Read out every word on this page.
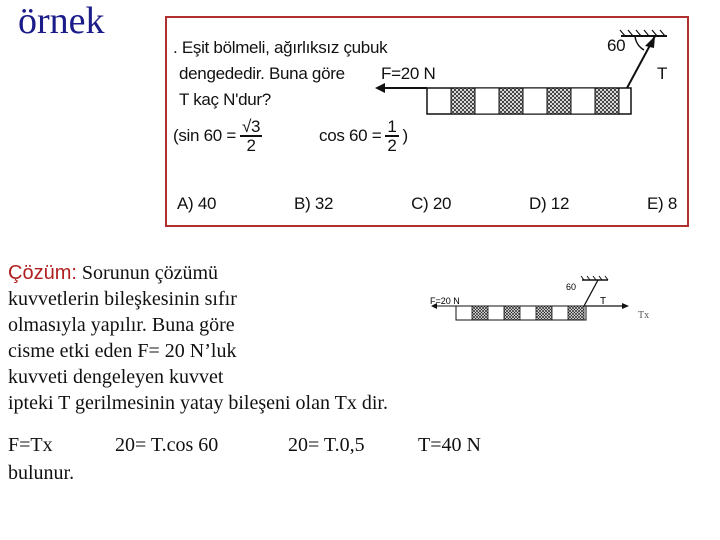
örnek
. Eşit bölmeli, ağırlıksız çubuk
dengededir. Buna göre
T kaç N'dur?
(sin $60 = \frac{√3}{2}$	$\cos 60 = \frac{1}{2}$ )
60
F=20 N	T
A) 40	B) 32	C) 20	D) 12	E) 8
60
F=20 N	T
Tx
Çözüm: Sorunun çözümü
kuvvetlerin bileşkesinin sıfır
olmasıyla yapılır. Buna göre
cisme etki eden F= 20 N’luk
kuvveti dengeleyen kuvvet
ipteki T gerilmesinin yatay bileşeni olan Tx dir.
F=Tx	20= T.cos 60	20= T.0,5	T=40 N
bulunur.
